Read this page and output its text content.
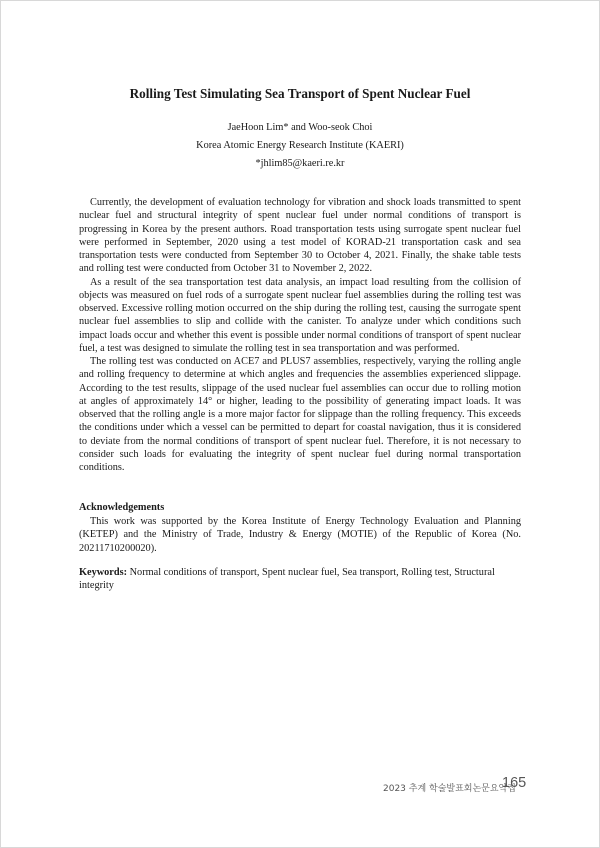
Rolling Test Simulating Sea Transport of Spent Nuclear Fuel
JaeHoon Lim* and Woo-seok Choi
Korea Atomic Energy Research Institute (KAERI)
*jhlim85@kaeri.re.kr

Currently, the development of evaluation technology for vibration and shock loads transmitted to spent nuclear fuel and structural integrity of spent nuclear fuel under normal conditions of transport is progressing in Korea by the present authors. Road transportation tests using surrogate spent nuclear fuel were performed in September, 2020 using a test model of KORAD-21 transportation cask and sea transportation tests were conducted from September 30 to October 4, 2021. Finally, the shake table tests and rolling test were conducted from October 31 to November 2, 2022.

As a result of the sea transportation test data analysis, an impact load resulting from the collision of objects was measured on fuel rods of a surrogate spent nuclear fuel assemblies during the rolling test was observed. Excessive rolling motion occurred on the ship during the rolling test, causing the surrogate spent nuclear fuel assemblies to slip and collide with the canister. To analyze under which conditions such impact loads occur and whether this event is possible under normal conditions of transport of spent nuclear fuel, a test was designed to simulate the rolling test in sea transportation and was performed.

The rolling test was conducted on ACE7 and PLUS7 assemblies, respectively, varying the rolling angle and rolling frequency to determine at which angles and frequencies the assemblies experienced slippage. According to the test results, slippage of the used nuclear fuel assemblies can occur due to rolling motion at angles of approximately 14° or higher, leading to the possibility of generating impact loads. It was observed that the rolling angle is a more major factor for slippage than the rolling frequency. This exceeds the conditions under which a vessel can be permitted to depart for coastal navigation, thus it is considered to deviate from the normal conditions of transport of spent nuclear fuel. Therefore, it is not necessary to consider such loads for evaluating the integrity of spent nuclear fuel during normal transportation conditions.

Acknowledgements

This work was supported by the Korea Institute of Energy Technology Evaluation and Planning (KETEP) and the Ministry of Trade, Industry & Energy (MOTIE) of the Republic of Korea (No. 20211710200020).

Keywords: Normal conditions of transport, Spent nuclear fuel, Sea transport, Rolling test, Structural integrity
2023 추계 학술발표회논문요약집
165
